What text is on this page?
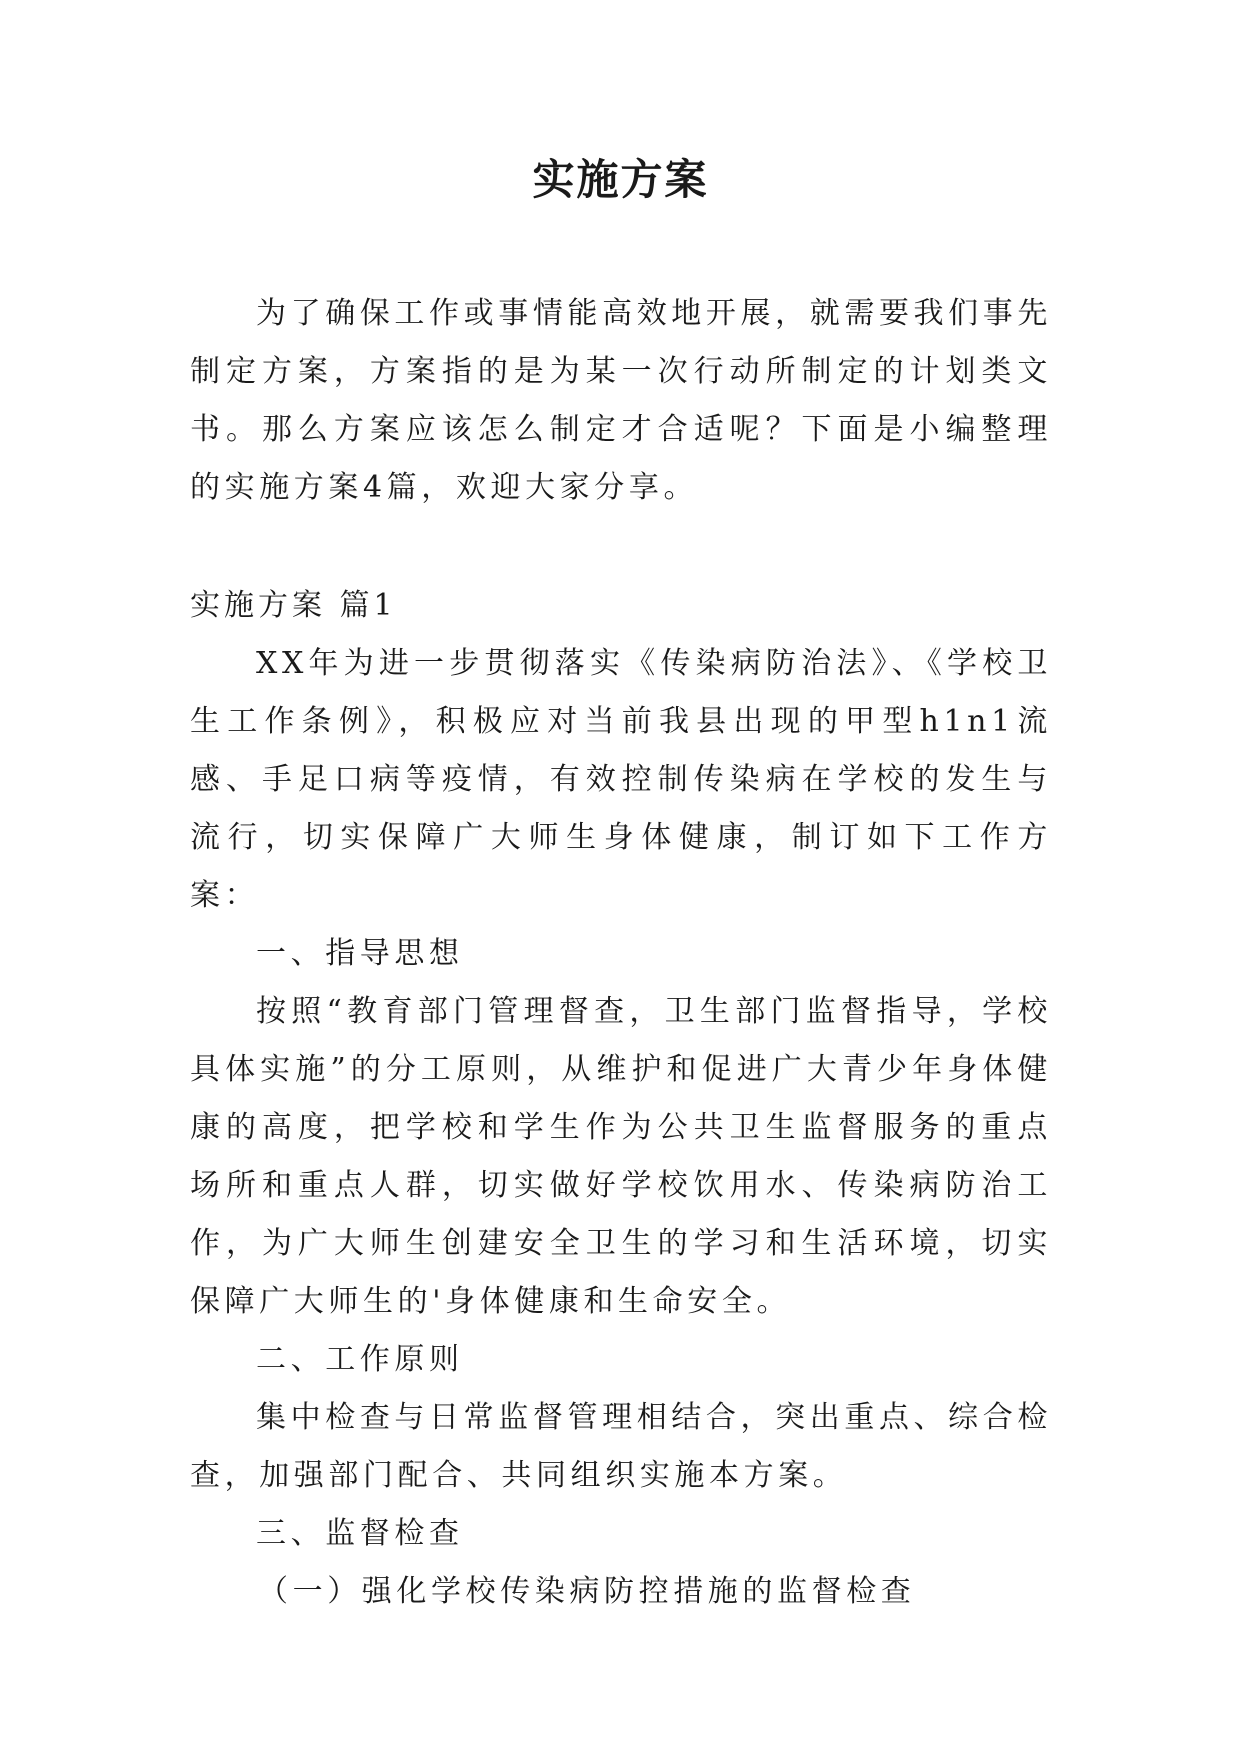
实施方案

为了确保工作或事情能高效地开展，就需要我们事先制定方案，方案指的是为某一次行动所制定的计划类文书。那么方案应该怎么制定才合适呢？下面是小编整理的实施方案4篇，欢迎大家分享。

实施方案 篇1

XX年为进一步贯彻落实《传染病防治法》、《学校卫生工作条例》，积极应对当前我县出现的甲型h1n1流感、手足口病等疫情，有效控制传染病在学校的发生与流行，切实保障广大师生身体健康，制订如下工作方案：

一、指导思想

按照“教育部门管理督查，卫生部门监督指导，学校具体实施”的分工原则，从维护和促进广大青少年身体健康的高度，把学校和学生作为公共卫生监督服务的重点场所和重点人群，切实做好学校饮用水、传染病防治工作，为广大师生创建安全卫生的学习和生活环境，切实保障广大师生的'身体健康和生命安全。

二、工作原则

集中检查与日常监督管理相结合，突出重点、综合检查，加强部门配合、共同组织实施本方案。

三、监督检查

（一）强化学校传染病防控措施的监督检查
